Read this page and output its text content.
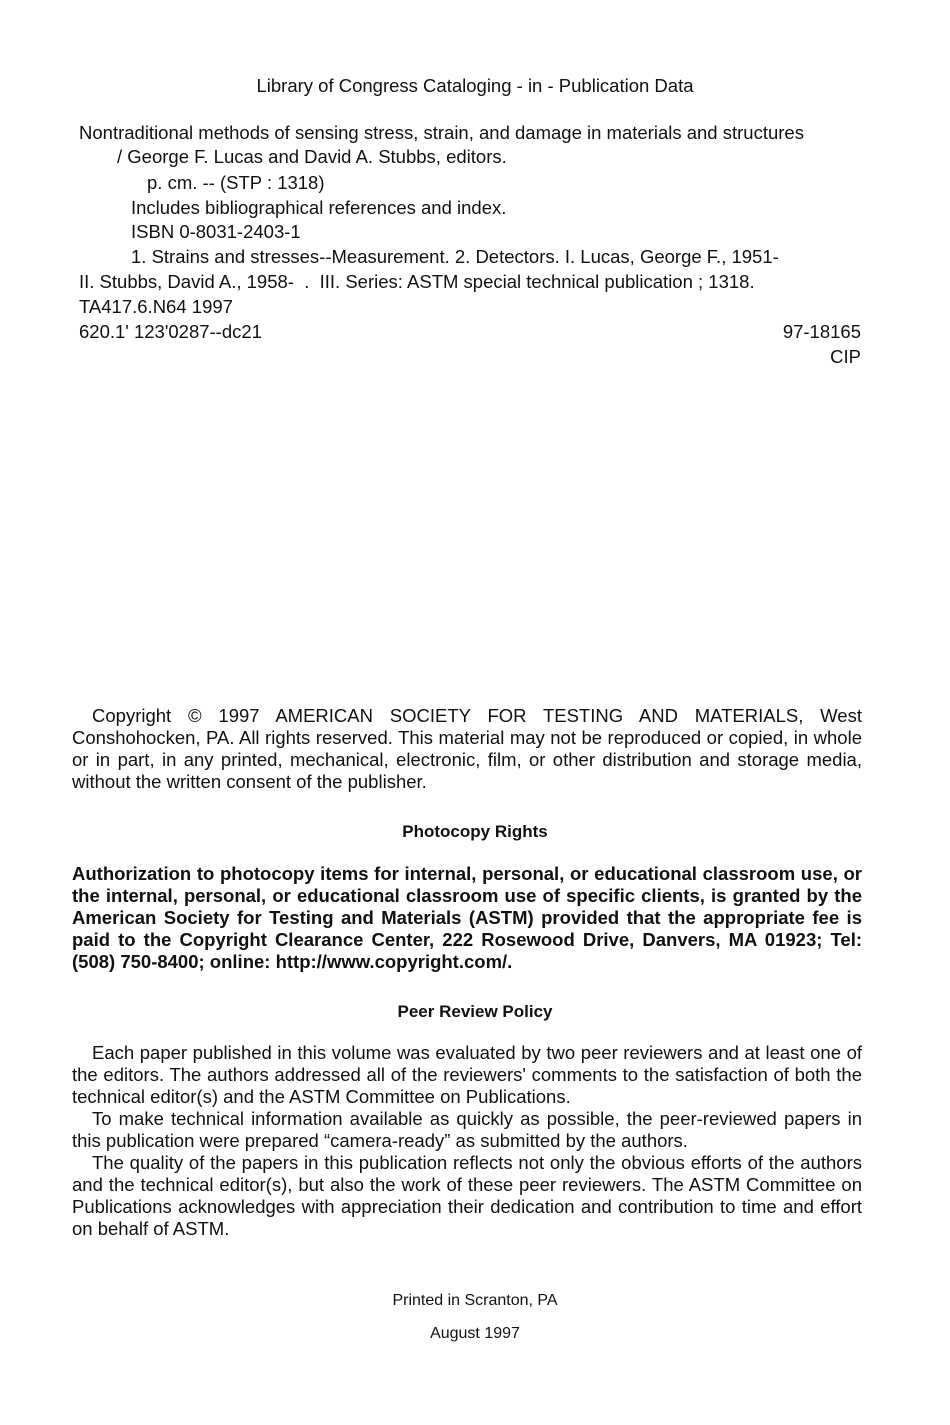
Library of Congress Cataloging - in - Publication Data
Nontraditional methods of sensing stress, strain, and damage in materials and structures
/ George F. Lucas and David A. Stubbs, editors.
p. cm. -- (STP : 1318)
Includes bibliographical references and index.
ISBN 0-8031-2403-1
1. Strains and stresses--Measurement. 2. Detectors. I. Lucas, George F., 1951-
II. Stubbs, David A., 1958-  .  III. Series: ASTM special technical publication ; 1318.
TA417.6.N64 1997
620.1' 123'0287--dc21	97-18165
CIP
Copyright © 1997 AMERICAN SOCIETY FOR TESTING AND MATERIALS, West Conshohocken, PA. All rights reserved. This material may not be reproduced or copied, in whole or in part, in any printed, mechanical, electronic, film, or other distribution and storage media, without the written consent of the publisher.
Photocopy Rights
Authorization to photocopy items for internal, personal, or educational classroom use, or the internal, personal, or educational classroom use of specific clients, is granted by the American Society for Testing and Materials (ASTM) provided that the appropriate fee is paid to the Copyright Clearance Center, 222 Rosewood Drive, Danvers, MA 01923; Tel: (508) 750-8400; online: http://www.copyright.com/.
Peer Review Policy
Each paper published in this volume was evaluated by two peer reviewers and at least one of the editors. The authors addressed all of the reviewers' comments to the satisfaction of both the technical editor(s) and the ASTM Committee on Publications.
To make technical information available as quickly as possible, the peer-reviewed papers in this publication were prepared “camera-ready” as submitted by the authors.
The quality of the papers in this publication reflects not only the obvious efforts of the authors and the technical editor(s), but also the work of these peer reviewers. The ASTM Committee on Publications acknowledges with appreciation their dedication and contribution to time and effort on behalf of ASTM.
Printed in Scranton, PA
August 1997
